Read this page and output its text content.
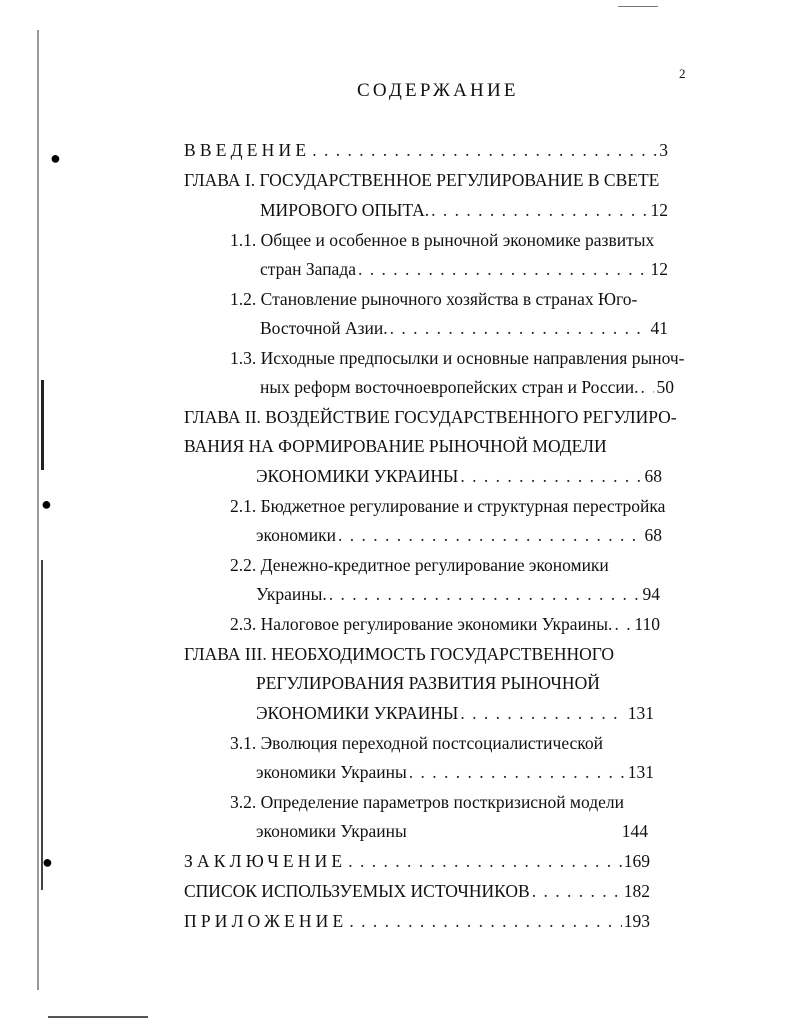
●
●
●
2
СОДЕРЖАНИЕ
ВВЕДЕНИЕ . . .	3
ГЛАВА I. ГОСУДАРСТВЕННОЕ РЕГУЛИРОВАНИЕ В СВЕТЕ
МИРОВОГО ОПЫТА. . . .	12
1.1. Общее и особенное в рыночной экономике развитых
стран Запада . . .	12
1.2. Становление рыночного хозяйства в странах Юго-
Восточной Азии. . . .	41
1.3. Исходные предпосылки и основные направления рыноч-
ных реформ восточноевропейских стран и России. . . . 50
ГЛАВА II. ВОЗДЕЙСТВИЕ ГОСУДАРСТВЕННОГО РЕГУЛИРО-
ВАНИЯ НА ФОРМИРОВАНИЕ РЫНОЧНОЙ МОДЕЛИ
ЭКОНОМИКИ УКРАИНЫ . . .	68
2.1. Бюджетное регулирование и структурная перестройка
экономики . . .	68
2.2. Денежно-кредитное регулирование экономики
Украины. . . .	94
2.3. Налоговое регулирование экономики Украины. . . . 110
ГЛАВА III. НЕОБХОДИМОСТЬ ГОСУДАРСТВЕННОГО
РЕГУЛИРОВАНИЯ РАЗВИТИЯ РЫНОЧНОЙ
ЭКОНОМИКИ УКРАИНЫ . . .	131
3.1. Эволюция переходной постсоциалистической
экономики Украины . . .	131
3.2. Определение параметров посткризисной модели
экономики Украины	144
ЗАКЛЮЧЕНИЕ . . .	169
СПИСОК ИСПОЛЬЗУЕМЫХ ИСТОЧНИКОВ . . .	182
ПРИЛОЖЕНИЕ . . .	193
